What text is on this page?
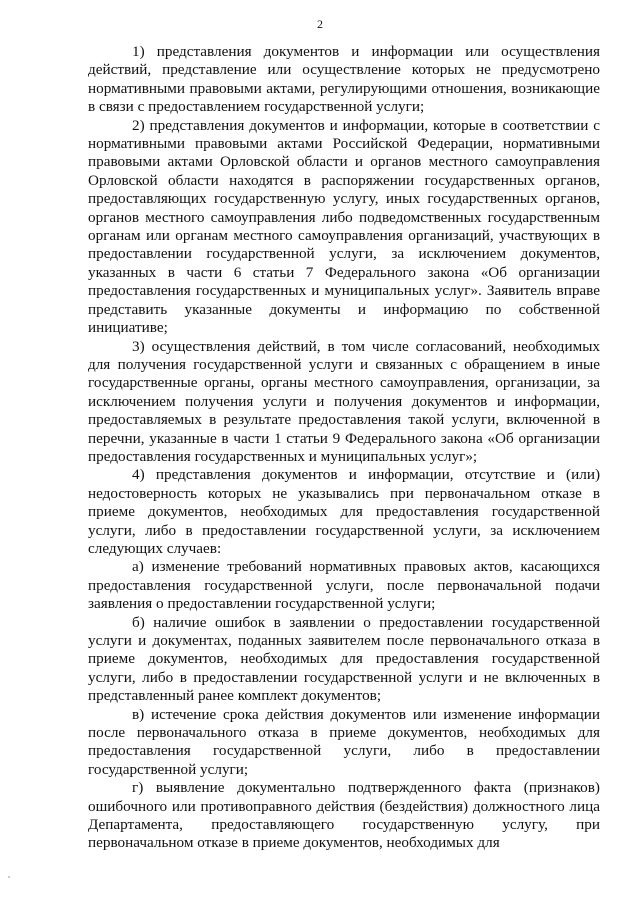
2

1) представления документов и информации или осуществления действий, представление или осуществление которых не предусмотрено нормативными правовыми актами, регулирующими отношения, возникающие в связи с предоставлением государственной услуги;

2) представления документов и информации, которые в соответствии с нормативными правовыми актами Российской Федерации, нормативными правовыми актами Орловской области и органов местного самоуправления Орловской области находятся в распоряжении государственных органов, предоставляющих государственную услугу, иных государственных органов, органов местного самоуправления либо подведомственных государственным органам или органам местного самоуправления организаций, участвующих в предоставлении государственной услуги, за исключением документов, указанных в части 6 статьи 7 Федерального закона «Об организации предоставления государственных и муниципальных услуг». Заявитель вправе представить указанные документы и информацию по собственной инициативе;

3) осуществления действий, в том числе согласований, необходимых для получения государственной услуги и связанных с обращением в иные государственные органы, органы местного самоуправления, организации, за исключением получения услуги и получения документов и информации, предоставляемых в результате предоставления такой услуги, включенной в перечни, указанные в части 1 статьи 9 Федерального закона «Об организации предоставления государственных и муниципальных услуг»;

4) представления документов и информации, отсутствие и (или) недостоверность которых не указывались при первоначальном отказе в приеме документов, необходимых для предоставления государственной услуги, либо в предоставлении государственной услуги, за исключением следующих случаев:

а) изменение требований нормативных правовых актов, касающихся предоставления государственной услуги, после первоначальной подачи заявления о предоставлении государственной услуги;

б) наличие ошибок в заявлении о предоставлении государственной услуги и документах, поданных заявителем после первоначального отказа в приеме документов, необходимых для предоставления государственной услуги, либо в предоставлении государственной услуги и не включенных в представленный ранее комплект документов;

в) истечение срока действия документов или изменение информации после первоначального отказа в приеме документов, необходимых для предоставления государственной услуги, либо в предоставлении государственной услуги;

г) выявление документально подтвержденного факта (признаков) ошибочного или противоправного действия (бездействия) должностного лица Департамента, предоставляющего государственную услугу, при первоначальном отказе в приеме документов, необходимых для
